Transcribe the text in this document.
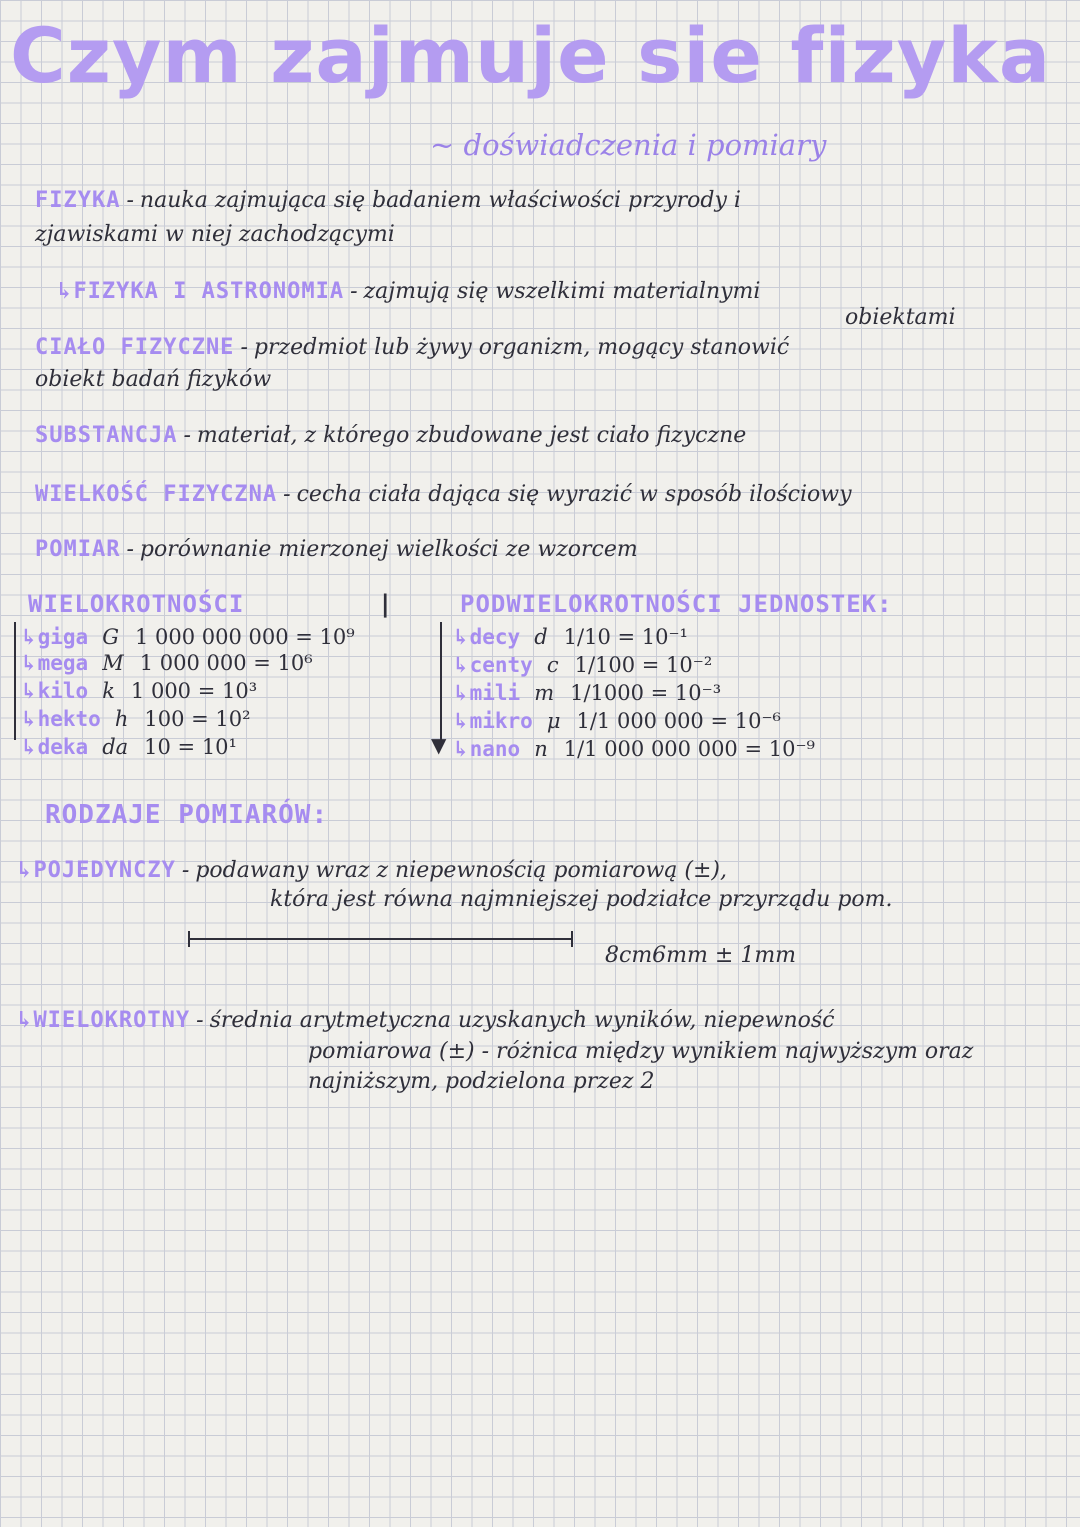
Czym zajmuje sie fizyka
~ doświadczenia i pomiary
FIZYKA - nauka zajmująca się badaniem właściwości przyrody i
zjawiskami w niej zachodzącymi
↳FIZYKA I ASTRONOMIA - zajmują się wszelkimi materialnymi
obiektami
CIAŁO FIZYCZNE - przedmiot lub żywy organizm, mogący stanowić
obiekt badań fizyków
SUBSTANCJA - materiał, z którego zbudowane jest ciało fizyczne
WIELKOŚĆ FIZYCZNA - cecha ciała dająca się wyrazić w sposób ilościowy
POMIAR - porównanie mierzonej wielkości ze wzorcem
WIELOKROTNOŚCI	|	PODWIELOKROTNOŚCI JEDNOSTEK:
↳giga G 1 000 000 000 = 10⁹
↳mega M 1 000 000 = 10⁶
↳kilo k 1 000 = 10³
↳hekto h 100 = 10²
↳deka da 10 = 10¹	▼
↳decy d 1/10 = 10⁻¹
↳centy c 1/100 = 10⁻²
↳mili m 1/1000 = 10⁻³
↳mikro μ 1/1 000 000 = 10⁻⁶
↳nano n 1/1 000 000 000 = 10⁻⁹
RODZAJE POMIARÓW:
↳POJEDYNCZY - podawany wraz z niepewnością pomiarową (±),
która jest równa najmniejszej podziałce przyrządu pom.
8cm6mm ± 1mm
↳WIELOKROTNY - średnia arytmetyczna uzyskanych wyników, niepewność
pomiarowa (±) - różnica między wynikiem najwyższym oraz
najniższym, podzielona przez 2
